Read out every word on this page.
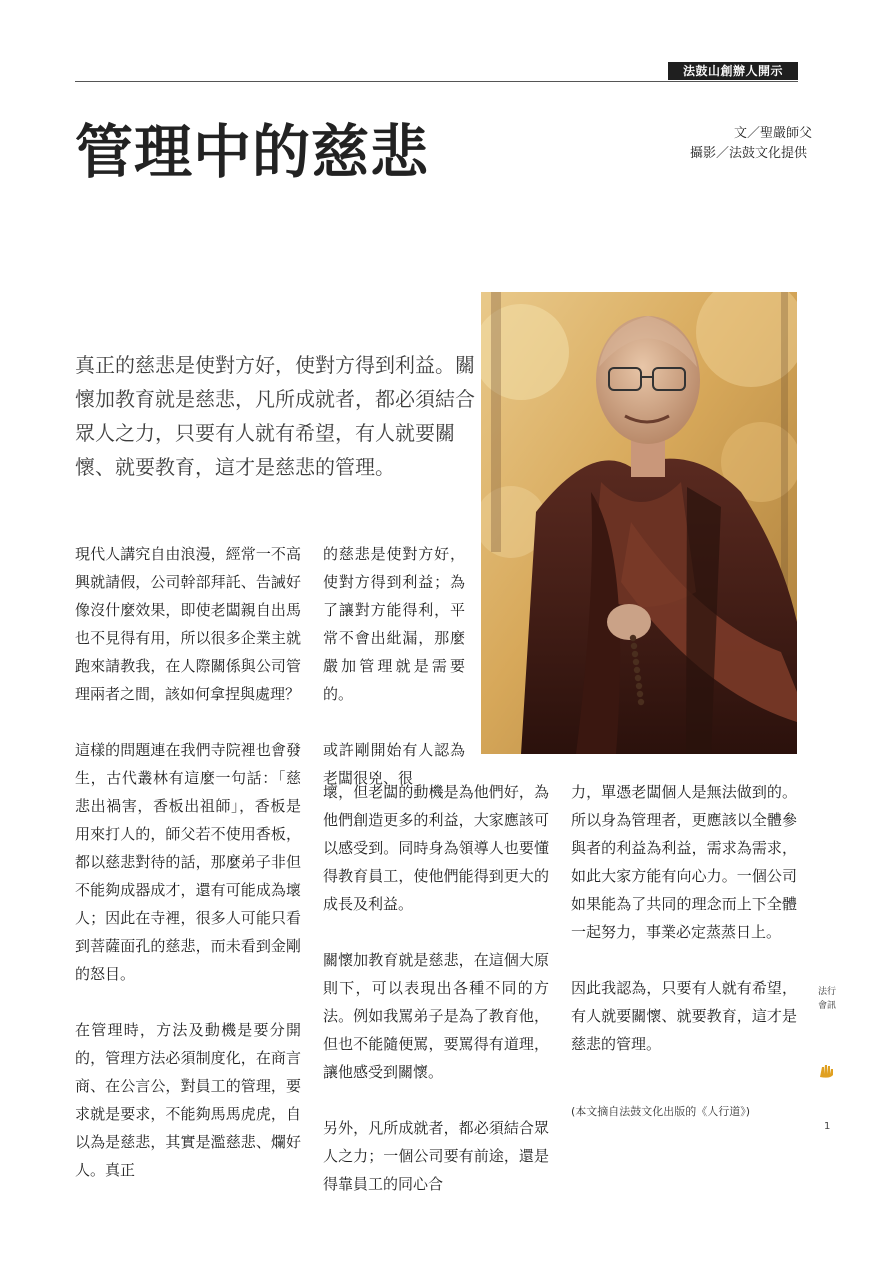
法鼓山創辦人開示
管理中的慈悲	文／聖嚴師父
攝影／法鼓文化提供
真正的慈悲是使對方好，使對方得到利益。關懷加教育就是慈悲，凡所成就者，都必須結合眾人之力，只要有人就有希望，有人就要關懷、就要教育，這才是慈悲的管理。

現代人講究自由浪漫，經常一不高興就請假，公司幹部拜託、告誡好像沒什麼效果，即使老闆親自出馬也不見得有用，所以很多企業主就跑來請教我，在人際關係與公司管理兩者之間，該如何拿捏與處理？

這樣的問題連在我們寺院裡也會發生，古代叢林有這麼一句話：「慈悲出禍害，香板出祖師」，香板是用來打人的，師父若不使用香板，都以慈悲對待的話，那麼弟子非但不能夠成器成才，還有可能成為壞人；因此在寺裡，很多人可能只看到菩薩面孔的慈悲，而未看到金剛的怒目。

在管理時，方法及動機是要分開的，管理方法必須制度化，在商言商、在公言公，對員工的管理，要求就是要求，不能夠馬馬虎虎，自以為是慈悲，其實是濫慈悲、爛好人。真正

的慈悲是使對方好，使對方得到利益；為了讓對方能得利，平常不會出紕漏，那麼嚴加管理就是需要的。

或許剛開始有人認為老闆很兇、很

壞，但老闆的動機是為他們好，為他們創造更多的利益，大家應該可以感受到。同時身為領導人也要懂得教育員工，使他們能得到更大的成長及利益。

關懷加教育就是慈悲，在這個大原則下，可以表現出各種不同的方法。例如我罵弟子是為了教育他，但也不能隨便罵，要罵得有道理，讓他感受到關懷。

另外，凡所成就者，都必須結合眾人之力；一個公司要有前途，還是得靠員工的同心合

力，單憑老闆個人是無法做到的。所以身為管理者，更應該以全體參與者的利益為利益，需求為需求，如此大家方能有向心力。一個公司如果能為了共同的理念而上下全體一起努力，事業必定蒸蒸日上。

因此我認為，只要有人就有希望，有人就要關懷、就要教育，這才是慈悲的管理。

(本文摘自法鼓文化出版的《人行道》)
法行會訊
1
